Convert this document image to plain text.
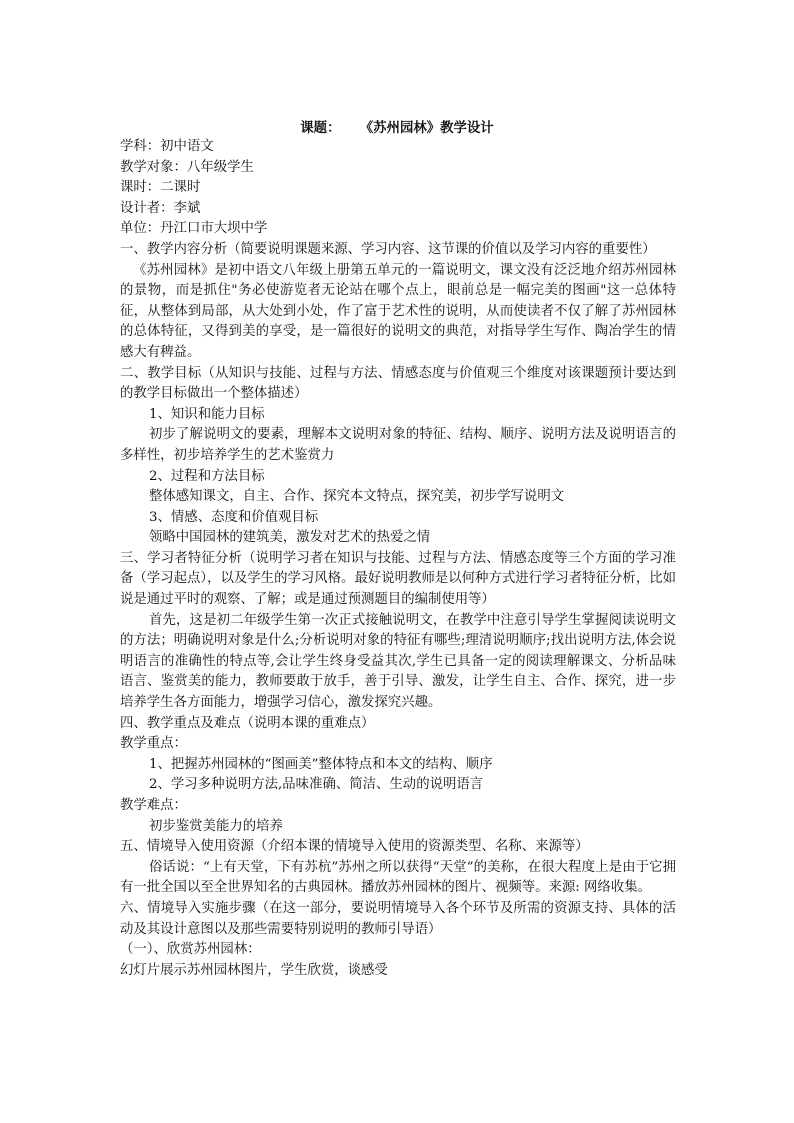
课题： 《苏州园林》教学设计

学科：初中语文

教学对象：八年级学生

课时：二课时

设计者：李斌

单位：丹江口市大坝中学

一、教学内容分析（简要说明课题来源、学习内容、这节课的价值以及学习内容的重要性）

《苏州园林》是初中语文八年级上册第五单元的一篇说明文，课文没有泛泛地介绍苏州园林的景物，而是抓住"务必使游览者无论站在哪个点上，眼前总是一幅完美的图画"这一总体特征，从整体到局部，从大处到小处，作了富于艺术性的说明，从而使读者不仅了解了苏州园林的总体特征，又得到美的享受，是一篇很好的说明文的典范，对指导学生写作、陶冶学生的情感大有稗益。

二、教学目标（从知识与技能、过程与方法、情感态度与价值观三个维度对该课题预计要达到的教学目标做出一个整体描述）

1、知识和能力目标

初步了解说明文的要素，理解本文说明对象的特征、结构、顺序、说明方法及说明语言的多样性，初步培养学生的艺术鉴赏力

2、过程和方法目标

整体感知课文，自主、合作、探究本文特点，探究美，初步学写说明文

3、情感、态度和价值观目标

领略中国园林的建筑美，激发对艺术的热爱之情

三、学习者特征分析（说明学习者在知识与技能、过程与方法、情感态度等三个方面的学习准备（学习起点），以及学生的学习风格。最好说明教师是以何种方式进行学习者特征分析，比如说是通过平时的观察、了解；或是通过预测题目的编制使用等）

首先，这是初二年级学生第一次正式接触说明文，在教学中注意引导学生掌握阅读说明文的方法；明确说明对象是什么;分析说明对象的特征有哪些;理清说明顺序;找出说明方法,体会说明语言的准确性的特点等,会让学生终身受益其次,学生已具备一定的阅读理解课文、分析品味语言、鉴赏美的能力，教师要敢于放手，善于引导、激发，让学生自主、合作、探究，进一步培养学生各方面能力，增强学习信心，激发探究兴趣。

四、教学重点及难点（说明本课的重难点）

教学重点：

1、把握苏州园林的“图画美”整体特点和本文的结构、顺序

2、学习多种说明方法,品味准确、简洁、生动的说明语言

教学难点：

初步鉴赏美能力的培养

五、情境导入使用资源（介绍本课的情境导入使用的资源类型、名称、来源等）

俗话说：“上有天堂，下有苏杭”苏州之所以获得“天堂”的美称，在很大程度上是由于它拥有一批全国以至全世界知名的古典园林。播放苏州园林的图片、视频等。来源: 网络收集。

六、情境导入实施步骤（在这一部分，要说明情境导入各个环节及所需的资源支持、具体的活动及其设计意图以及那些需要特别说明的教师引导语）

（一）、欣赏苏州园林：

幻灯片展示苏州园林图片，学生欣赏，谈感受
